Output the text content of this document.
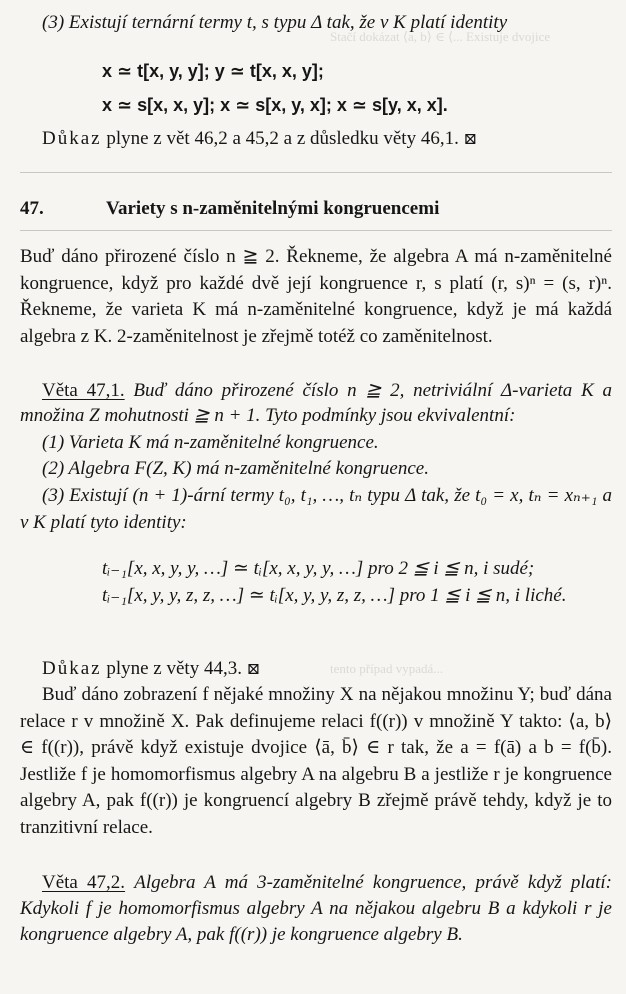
Stačí dokázat ⟨a, b⟩ ∈ ⟨... Existuje dvojice
tento případ vypadá...

(3) Existují ternární termy t, s typu Δ tak, že v K platí identity

x ≃ t[x, y, y]; y ≃ t[x, x, y];

x ≃ s[x, x, y]; x ≃ s[x, y, x]; x ≃ s[y, x, x].

Důkaz plyne z vět 46,2 a 45,2 a z důsledku věty 46,1. ⊠

47.	Variety s n-zaměnitelnými kongruencemi

Buď dáno přirozené číslo n ≧ 2. Řekneme, že algebra A má n-zaměnitelné kongruence, když pro každé dvě její kongruence r, s platí (r, s)ⁿ = (s, r)ⁿ. Řekneme, že varieta K má n-zaměnitelné kongruence, když je má každá algebra z K. 2-zaměnitelnost je zřejmě totéž co zaměnitelnost.

Věta 47,1. Buď dáno přirozené číslo n ≧ 2, netriviální Δ-varieta K a množina Z mohutnosti ≧ n + 1. Tyto podmínky jsou ekvivalentní:

(1) Varieta K má n-zaměnitelné kongruence.

(2) Algebra F(Z, K) má n-zaměnitelné kongruence.

(3) Existují (n + 1)-ární termy t₀, t₁, …, tₙ typu Δ tak, že t₀ = x, tₙ = xₙ₊₁ a v K platí tyto identity:

tᵢ₋₁[x, x, y, y, …] ≃ tᵢ[x, x, y, y, …] pro 2 ≦ i ≦ n, i sudé;

tᵢ₋₁[x, y, y, z, z, …] ≃ tᵢ[x, y, y, z, z, …] pro 1 ≦ i ≦ n, i liché.

Důkaz plyne z věty 44,3. ⊠

Buď dáno zobrazení f nějaké množiny X na nějakou množinu Y; buď dána relace r v množině X. Pak definujeme relaci f((r)) v množině Y takto: ⟨a, b⟩ ∈ f((r)), právě když existuje dvojice ⟨ā, b̄⟩ ∈ r tak, že a = f(ā) a b = f(b̄). Jestliže f je homomorfismus algebry A na algebru B a jestliže r je kongruence algebry A, pak f((r)) je kongruencí algebry B zřejmě právě tehdy, když je to tranzitivní relace.

Věta 47,2. Algebra A má 3-zaměnitelné kongruence, právě když platí: Kdykoli f je homomorfismus algebry A na nějakou algebru B a kdykoli r je kongruence algebry A, pak f((r)) je kongruence algebry B.
